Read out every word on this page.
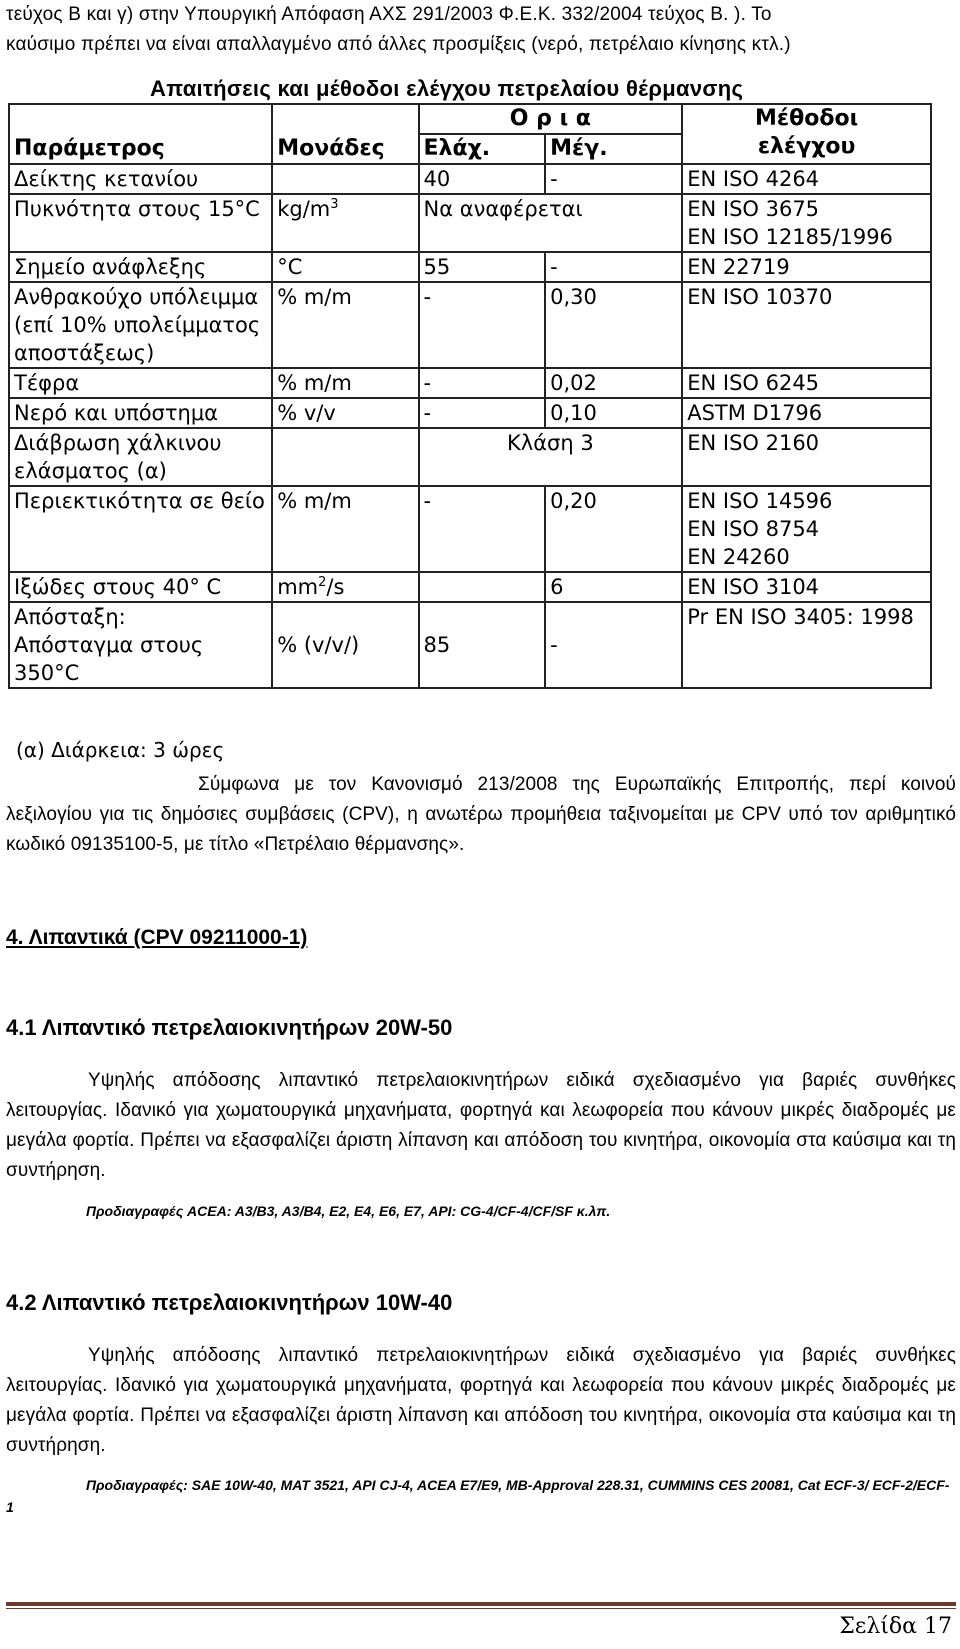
τεύχος Β και γ) στην Υπουργική Απόφαση ΑΧΣ 291/2003 Φ.Ε.Κ. 332/2004 τεύχος Β. ). Το

καύσιμο πρέπει να είναι απαλλαγμένο από άλλες προσμίξεις (νερό, πετρέλαιο κίνησης κτλ.)

Απαιτήσεις και μέθοδοι ελέγχου πετρελαίου θέρμανσης
Παράμετρος	Μονάδες	Ο ρ ι α		Μέθοδοι
ελέγχου
		Ελάχ.	Μέγ.	
Δείκτης κετανίου		40	-	EN ISO 4264
Πυκνότητα στους 15°C	$kg/m^3$	Να αναφέρεται		EN ISO 3675
EN ISO 12185/1996
Σημείο ανάφλεξης	°C	55	-	EN 22719
Ανθρακούχο υπόλειμμα (επί 10% υπολείμματος αποστάξεως)	% m/m	-	0,30	EN ISO 10370
Τέφρα	% m/m	-	0,02	EN ISO 6245
Νερό και υπόστημα	% v/v	-	0,10	ASTM D1796
Διάβρωση χάλκινου ελάσματος (α)		Κλάση 3		EN ISO 2160
Περιεκτικότητα σε θείο	% m/m	-	0,20	EN ISO 14596
EN ISO 8754
EN 24260
Ιξώδες στους 40° C	$mm^2/s$		6	EN ISO 3104
Απόσταξη:
Απόσταγμα στους 350°C	% (v/v/)	85	-	Pr EN ISO 3405: 1998
(α) Διάρκεια: 3 ώρες
Σύμφωνα με τον Κανονισμό 213/2008 της Ευρωπαϊκής Επιτροπής, περί κοινού λεξιλογίου για τις δημόσιες συμβάσεις (CPV), η ανωτέρω προμήθεια ταξινομείται με CPV υπό τον αριθμητικό κωδικό 09135100-5, με τίτλο «Πετρέλαιο θέρμανσης».
4. Λιπαντικά (CPV 09211000-1)
4.1 Λιπαντικό πετρελαιοκινητήρων 20W-50
Υψηλής απόδοσης λιπαντικό πετρελαιοκινητήρων ειδικά σχεδιασμένο για βαριές συνθήκες λειτουργίας. Ιδανικό για χωματουργικά μηχανήματα, φορτηγά και λεωφορεία που κάνουν μικρές διαδρομές με μεγάλα φορτία. Πρέπει να εξασφαλίζει άριστη λίπανση και απόδοση του κινητήρα, οικονομία στα καύσιμα και τη συντήρηση.
Προδιαγραφές ACEA: A3/B3, A3/B4, E2, E4, E6, E7, API: CG-4/CF-4/CF/SF κ.λπ.
4.2 Λιπαντικό πετρελαιοκινητήρων 10W-40
Υψηλής απόδοσης λιπαντικό πετρελαιοκινητήρων ειδικά σχεδιασμένο για βαριές συνθήκες λειτουργίας. Ιδανικό για χωματουργικά μηχανήματα, φορτηγά και λεωφορεία που κάνουν μικρές διαδρομές με μεγάλα φορτία. Πρέπει να εξασφαλίζει άριστη λίπανση και απόδοση του κινητήρα, οικονομία στα καύσιμα και τη συντήρηση.
Προδιαγραφές: SAE 10W-40, MAT 3521, API CJ-4, ACEA E7/E9, MB-Approval 228.31, CUMMINS CES 20081, Cat ECF-3/ ECF-2/ECF-1
Σελίδα 17
